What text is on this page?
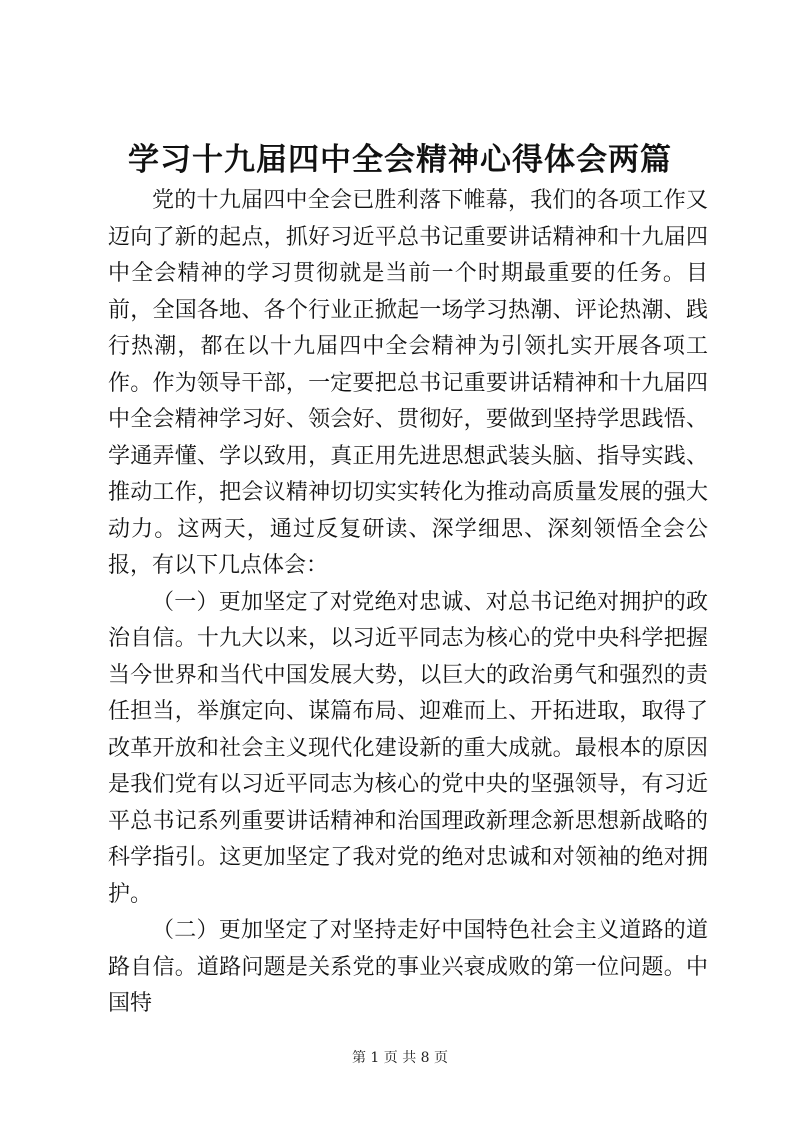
学习十九届四中全会精神心得体会两篇

党的十九届四中全会已胜利落下帷幕，我们的各项工作又迈向了新的起点，抓好习近平总书记重要讲话精神和十九届四中全会精神的学习贯彻就是当前一个时期最重要的任务。目前，全国各地、各个行业正掀起一场学习热潮、评论热潮、践行热潮，都在以十九届四中全会精神为引领扎实开展各项工作。作为领导干部，一定要把总书记重要讲话精神和十九届四中全会精神学习好、领会好、贯彻好，要做到坚持学思践悟、学通弄懂、学以致用，真正用先进思想武装头脑、指导实践、推动工作，把会议精神切切实实转化为推动高质量发展的强大动力。这两天，通过反复研读、深学细思、深刻领悟全会公报，有以下几点体会：

（一）更加坚定了对党绝对忠诚、对总书记绝对拥护的政治自信。十九大以来，以习近平同志为核心的党中央科学把握当今世界和当代中国发展大势，以巨大的政治勇气和强烈的责任担当，举旗定向、谋篇布局、迎难而上、开拓进取，取得了改革开放和社会主义现代化建设新的重大成就。最根本的原因是我们党有以习近平同志为核心的党中央的坚强领导，有习近平总书记系列重要讲话精神和治国理政新理念新思想新战略的科学指引。这更加坚定了我对党的绝对忠诚和对领袖的绝对拥护。

（二）更加坚定了对坚持走好中国特色社会主义道路的道路自信。道路问题是关系党的事业兴衰成败的第一位问题。中国特

第 1 页 共 8 页
